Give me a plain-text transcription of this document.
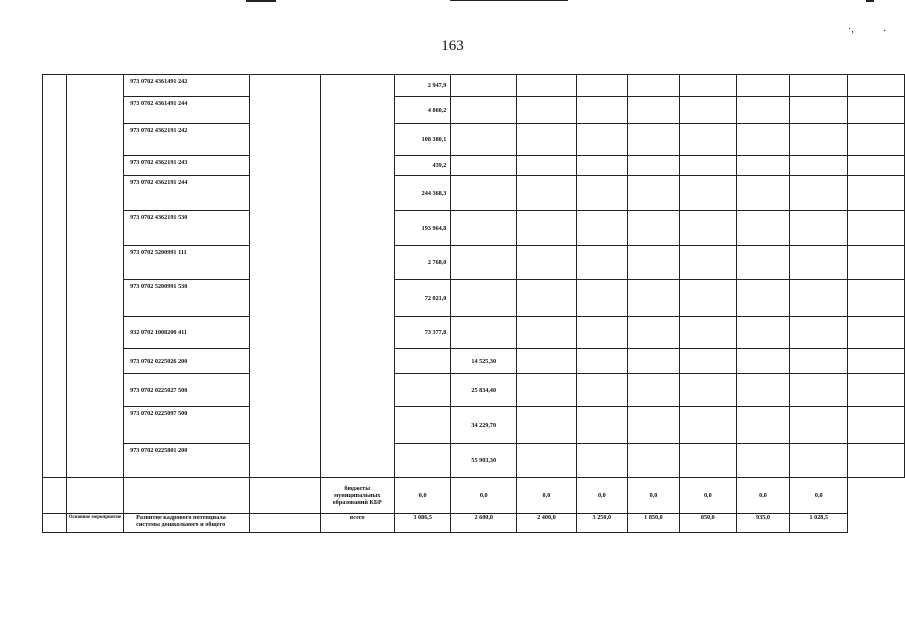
·,	·
163
		973 0702 4361491 242			2 947,9								
		973 0702 4361491 244			4 860,2								
		973 0702 4362191 242			108 380,1								
		973 0702 4362191 243			439,2								
		973 0702 4362191 244			244 368,3								
		973 0702 4362191 530			193 964,8								
		973 0702 5200991 111			2 768,0								
		973 0702 5200991 530			72 021,0								
		932 0702 1008200 411			73 377,8								
		973 0702 0225026 200				14 525,30							
		973 0702 0225027 500				25 834,40							
		973 0702 0225097 500				34 229,70							
		973 0702 0225801 200				55 903,30							
				бюджеты муниципальных образований КБР	0,0	0,0	0,0	0,0	0,0	0,0	0,0	0,0	
	Основное мероприятие	Развитие кадрового потенциала системы дошкольного и общего		всего	3 086,5	2 600,0	2 400,0	3 250,0	1 850,0	850,0	935,0	1 028,5	
